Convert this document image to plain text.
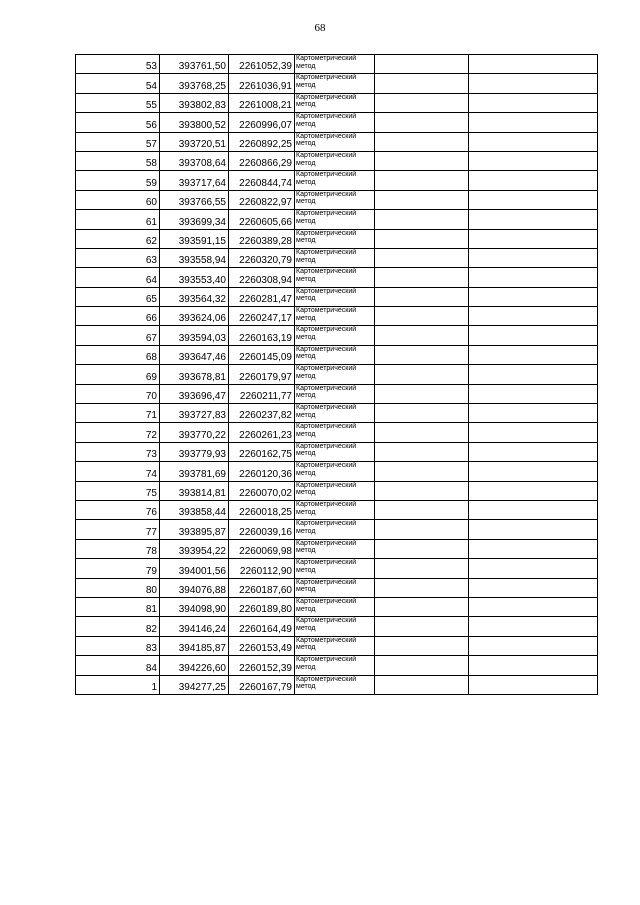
68
53	393761,50	2261052,39	Картометрический метод		
54	393768,25	2261036,91	Картометрический метод		
55	393802,83	2261008,21	Картометрический метод		
56	393800,52	2260996,07	Картометрический метод		
57	393720,51	2260892,25	Картометрический метод		
58	393708,64	2260866,29	Картометрический метод		
59	393717,64	2260844,74	Картометрический метод		
60	393766,55	2260822,97	Картометрический метод		
61	393699,34	2260605,66	Картометрический метод		
62	393591,15	2260389,28	Картометрический метод		
63	393558,94	2260320,79	Картометрический метод		
64	393553,40	2260308,94	Картометрический метод		
65	393564,32	2260281,47	Картометрический метод		
66	393624,06	2260247,17	Картометрический метод		
67	393594,03	2260163,19	Картометрический метод		
68	393647,46	2260145,09	Картометрический метод		
69	393678,81	2260179,97	Картометрический метод		
70	393696,47	2260211,77	Картометрический метод		
71	393727,83	2260237,82	Картометрический метод		
72	393770,22	2260261,23	Картометрический метод		
73	393779,93	2260162,75	Картометрический метод		
74	393781,69	2260120,36	Картометрический метод		
75	393814,81	2260070,02	Картометрический метод		
76	393858,44	2260018,25	Картометрический метод		
77	393895,87	2260039,16	Картометрический метод		
78	393954,22	2260069,98	Картометрический метод		
79	394001,56	2260112,90	Картометрический метод		
80	394076,88	2260187,60	Картометрический метод		
81	394098,90	2260189,80	Картометрический метод		
82	394146,24	2260164,49	Картометрический метод		
83	394185,87	2260153,49	Картометрический метод		
84	394226,60	2260152,39	Картометрический метод		
1	394277,25	2260167,79	Картометрический метод		
